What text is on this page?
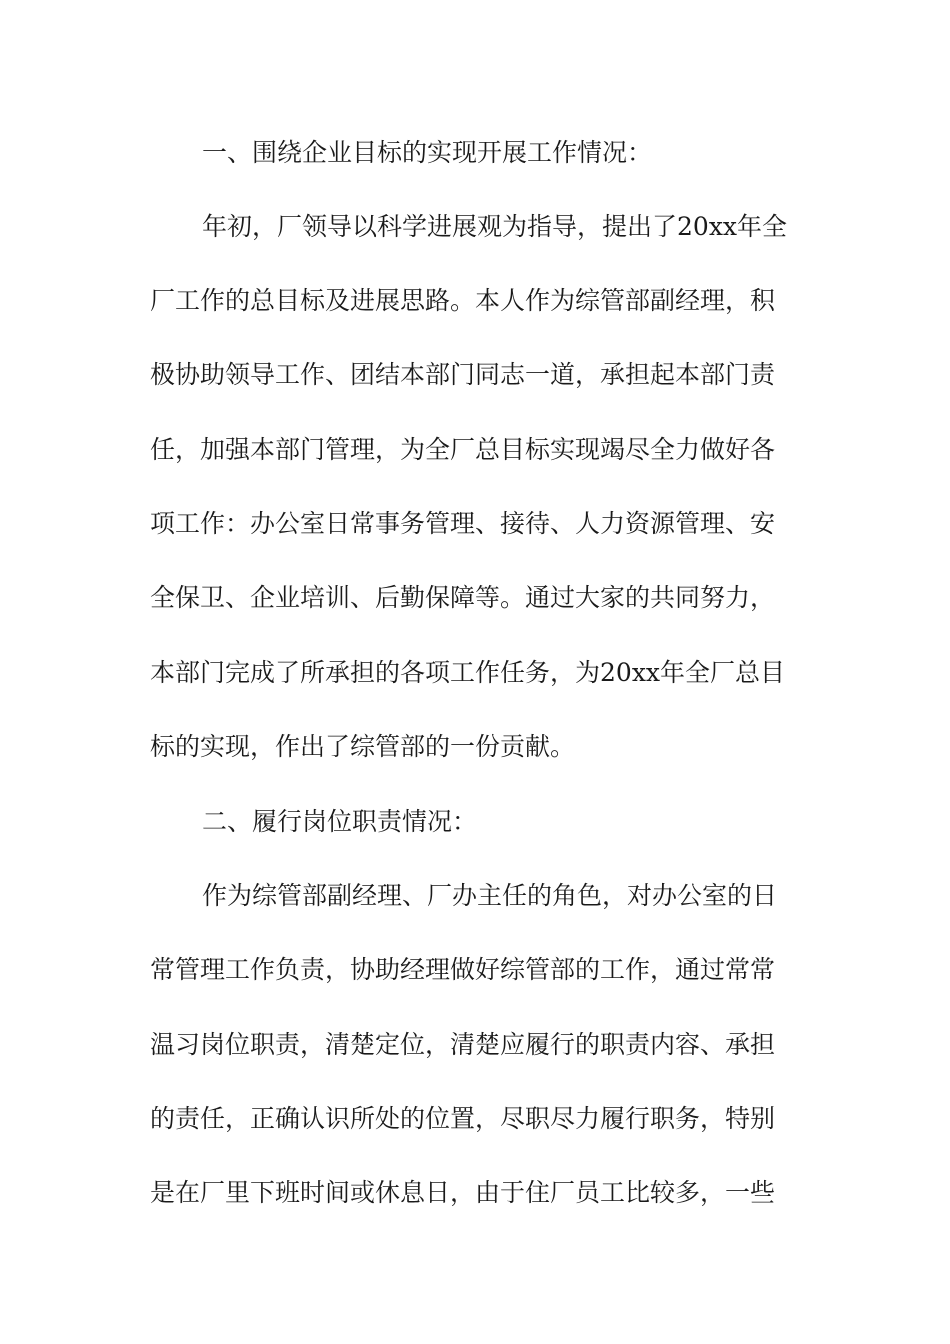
一、围绕企业目标的实现开展工作情况：
年初，厂领导以科学进展观为指导，提出了20xx年全
厂工作的总目标及进展思路。本人作为综管部副经理，积
极协助领导工作、团结本部门同志一道，承担起本部门责
任，加强本部门管理，为全厂总目标实现竭尽全力做好各
项工作：办公室日常事务管理、接待、人力资源管理、安
全保卫、企业培训、后勤保障等。通过大家的共同努力，
本部门完成了所承担的各项工作任务，为20xx年全厂总目
标的实现，作出了综管部的一份贡献。
二、履行岗位职责情况：
作为综管部副经理、厂办主任的角色，对办公室的日
常管理工作负责，协助经理做好综管部的工作，通过常常
温习岗位职责，清楚定位，清楚应履行的职责内容、承担
的责任，正确认识所处的位置，尽职尽力履行职务，特别
是在厂里下班时间或休息日，由于住厂员工比较多，一些
